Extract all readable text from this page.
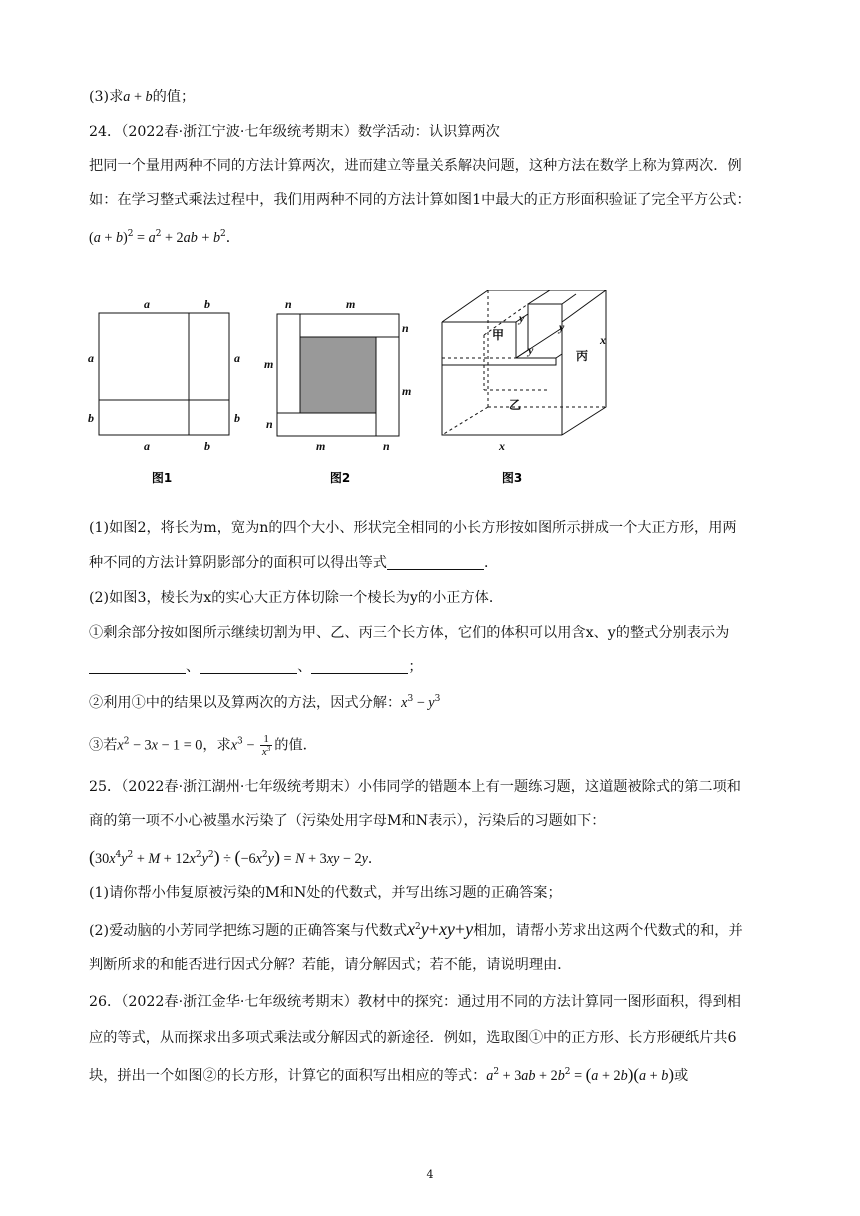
(3)求a + b的值；
24．（2022春·浙江宁波·七年级统考期末）数学活动：认识算两次
把同一个量用两种不同的方法计算两次，进而建立等量关系解决问题，这种方法在数学上称为算两次．例
如：在学习整式乘法过程中，我们用两种不同的方法计算如图1中最大的正方形面积验证了完全平方公式：
$(a + b)^2 = a^2 + 2ab + b^2$．
a	b
a
b
a
b
a	b
图1
n	m
n
m
m
n
m	n
图2
甲
y
y
y	丙
x
乙
x
图3
(1)如图2，将长为m，宽为n的四个大小、形状完全相同的小长方形按如图所示拼成一个大正方形，用两
种不同的方法计算阴影部分的面积可以得出等式	．
(2)如图3，棱长为x的实心大正方体切除一个棱长为y的小正方体．
①剩余部分按如图所示继续切割为甲、乙、丙三个长方体，它们的体积可以用含x、y的整式分别表示为
、	、	；
②利用①中的结果以及算两次的方法，因式分解：$x^3 - y^3$
③若$x^2 - 3x - 1 = 0$，求$x^3 - \frac{1}{x^3}$ 的值．
25．（2022春·浙江湖州·七年级统考期末）小伟同学的错题本上有一题练习题，这道题被除式的第二项和
商的第一项不小心被墨水污染了（污染处用字母M和N表示），污染后的习题如下：
$(30x^4y^2 + M + 12x^2y^2) \div (-6x^2y) = N + 3xy - 2y$．
(1)请你帮小伟复原被污染的M和N处的代数式，并写出练习题的正确答案；
(2)爱动脑的小芳同学把练习题的正确答案与代数式$x^2y+xy+y$相加，请帮小芳求出这两个代数式的和，并
判断所求的和能否进行因式分解？若能，请分解因式；若不能，请说明理由．
26．（2022春·浙江金华·七年级统考期末）教材中的探究：通过用不同的方法计算同一图形面积，得到相
应的等式，从而探求出多项式乘法或分解因式的新途径．例如，选取图①中的正方形、长方形硬纸片共6
块，拼出一个如图②的长方形，计算它的面积写出相应的等式：$a^2 + 3ab + 2b^2 = (a + 2b)(a + b)$或
4
